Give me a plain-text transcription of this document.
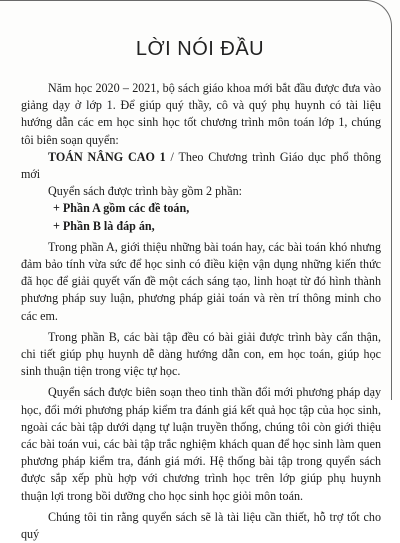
LỜI NÓI ĐẦU

Năm học 2020 – 2021, bộ sách giáo khoa mới bắt đầu được đưa vào giảng dạy ở lớp 1. Để giúp quý thầy, cô và quý phụ huynh có tài liệu hướng dẫn các em học sinh học tốt chương trình môn toán lớp 1, chúng tôi biên soạn quyển:

TOÁN NÂNG CAO 1 / Theo Chương trình Giáo dục phổ thông mới

Quyển sách được trình bày gồm 2 phần:

+ Phần A gồm các đề toán,

+ Phần B là đáp án,

Trong phần A, giới thiệu những bài toán hay, các bài toán khó nhưng đảm bảo tính vừa sức để học sinh có điều kiện vận dụng những kiến thức đã học để giải quyết vấn đề một cách sáng tạo, linh hoạt từ đó hình thành phương pháp suy luận, phương pháp giải toán và rèn trí thông minh cho các em.

Trong phần B, các bài tập đều có bài giải được trình bày cẩn thận, chi tiết giúp phụ huynh dễ dàng hướng dẫn con, em học toán, giúp học sinh thuận tiện trong việc tự học.

Quyển sách được biên soạn theo tinh thần đổi mới phương pháp dạy học, đổi mới phương pháp kiểm tra đánh giá kết quả học tập của học sinh, ngoài các bài tập dưới dạng tự luận truyền thống, chúng tôi còn giới thiệu các bài toán vui, các bài tập trắc nghiệm khách quan để học sinh làm quen phương pháp kiểm tra, đánh giá mới. Hệ thống bài tập trong quyển sách được sắp xếp phù hợp với chương trình học trên lớp giúp phụ huynh thuận lợi trong bồi dưỡng cho học sinh học giỏi môn toán.

Chúng tôi tin rằng quyển sách sẽ là tài liệu cần thiết, hỗ trợ tốt cho quý
